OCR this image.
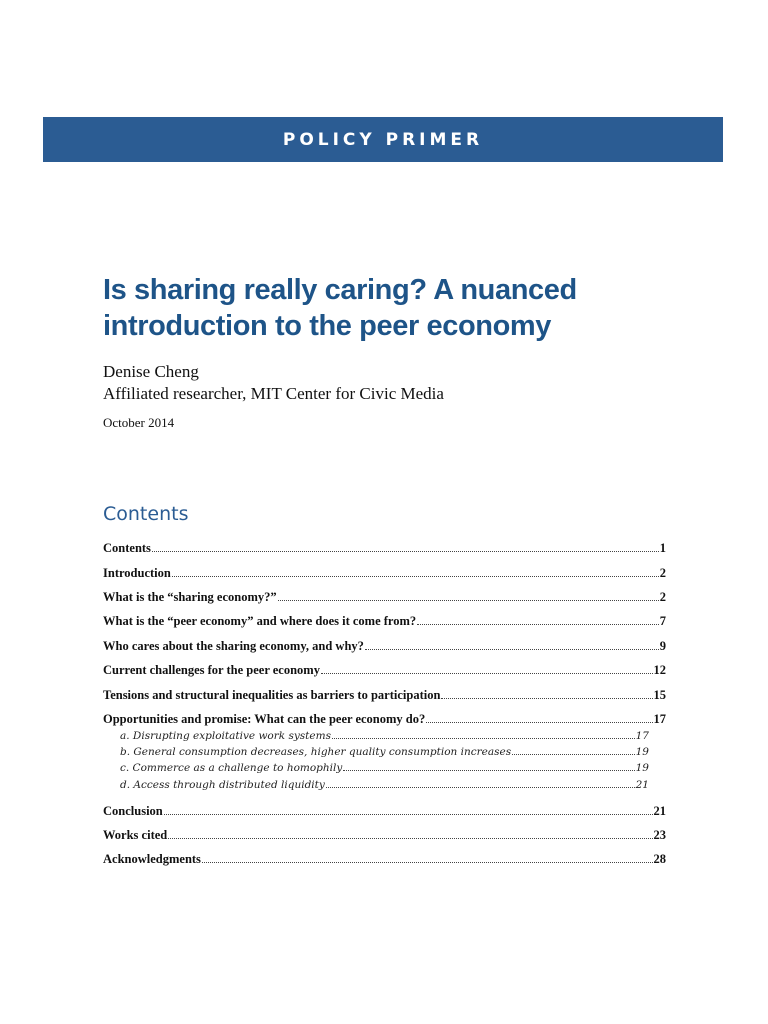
POLICY PRIMER
Is sharing really caring? A nuanced
introduction to the peer economy
Denise Cheng
Affiliated researcher, MIT Center for Civic Media
October 2014
Contents
Contents	1
Introduction	2
What is the “sharing economy?”	2
What is the “peer economy” and where does it come from?	7
Who cares about the sharing economy, and why?	9
Current challenges for the peer economy	12
Tensions and structural inequalities as barriers to participation	15
Opportunities and promise: What can the peer economy do?	17
a. Disrupting exploitative work systems	17
b. General consumption decreases, higher quality consumption increases	19
c. Commerce as a challenge to homophily	19
d. Access through distributed liquidity	21
Conclusion	21
Works cited	23
Acknowledgments	28
